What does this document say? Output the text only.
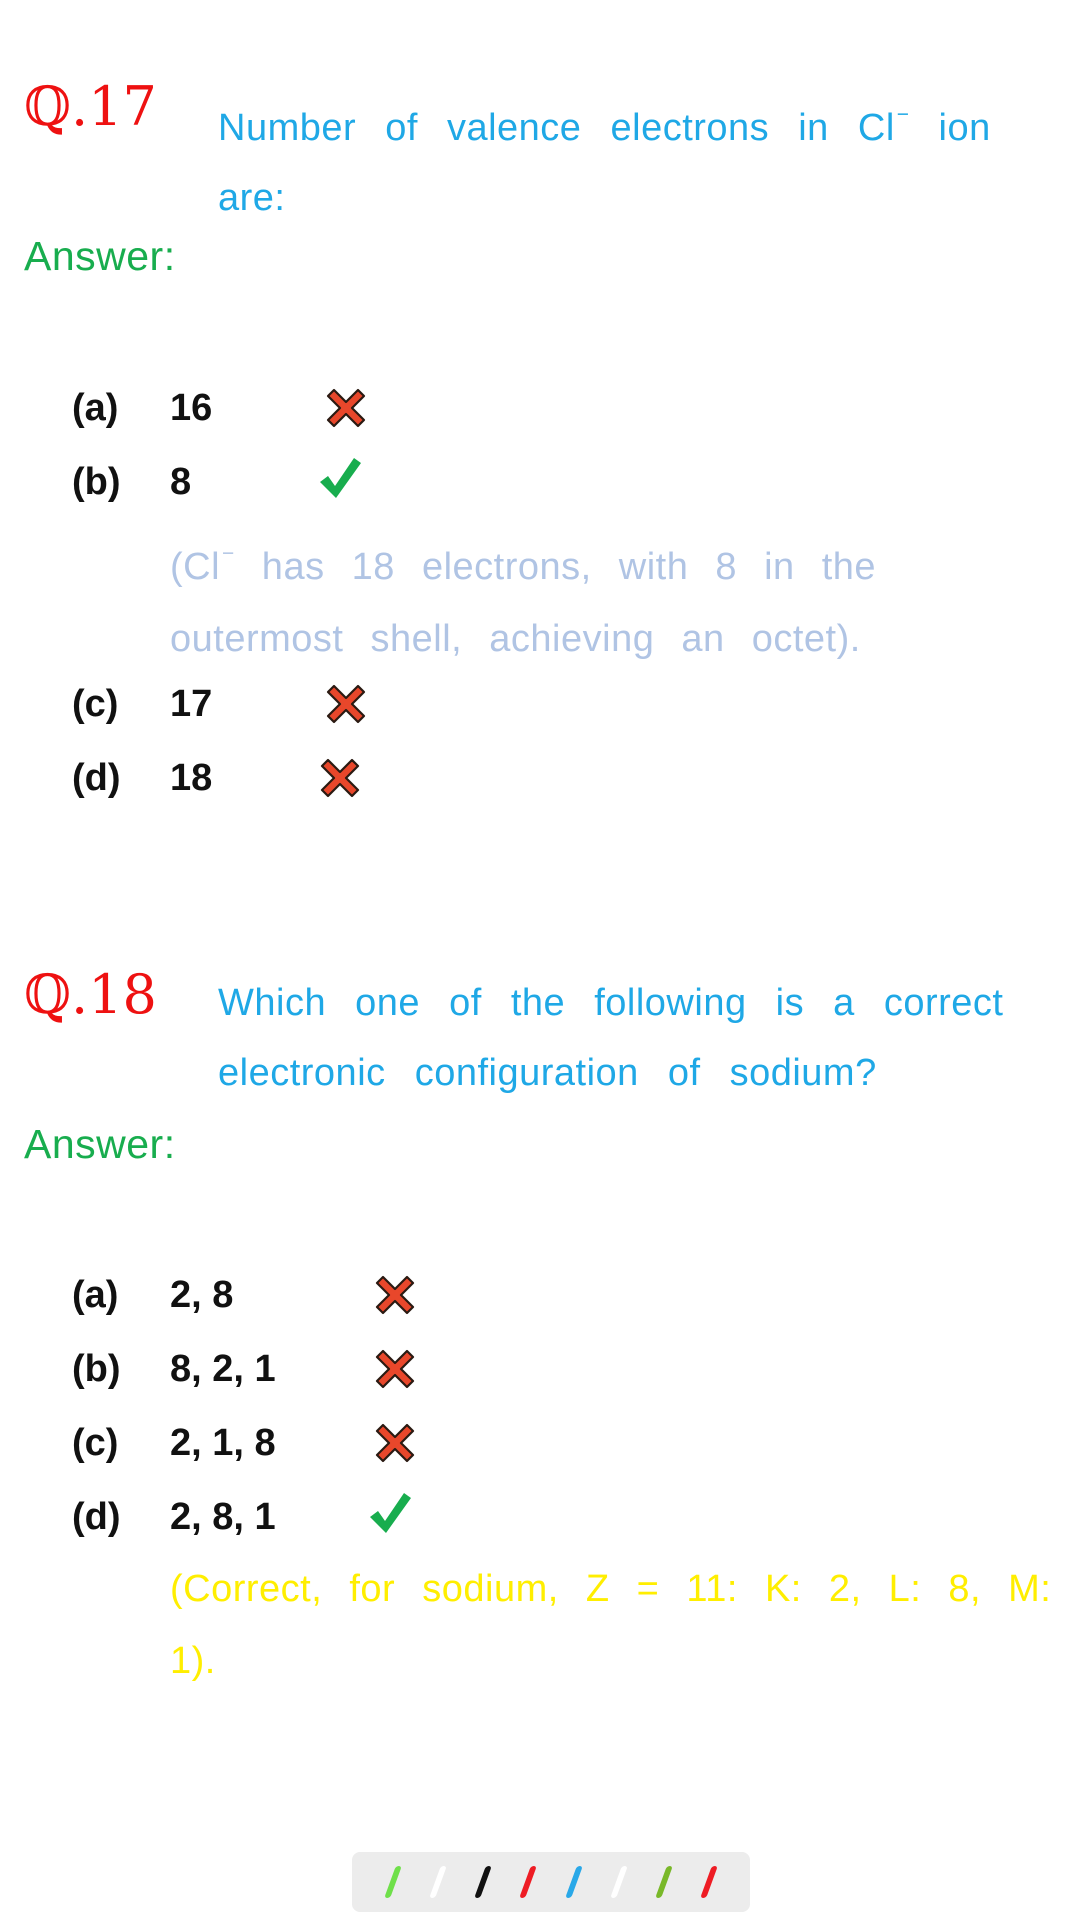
ℚ.17 Number of valence electrons in Cl− ion are:
Answer:
(a)	16
(b)	8
(Cl− has 18 electrons, with 8 in the outermost shell, achieving an octet).
(c)	17
(d)	18
ℚ.18 Which one of the following is a correct electronic configuration of sodium?
Answer:
(a)	2, 8
(b)	8, 2, 1
(c)	2, 1, 8
(d)	2, 8, 1
(Correct, for sodium, Z = 11: K: 2, L: 8, M: 1).
